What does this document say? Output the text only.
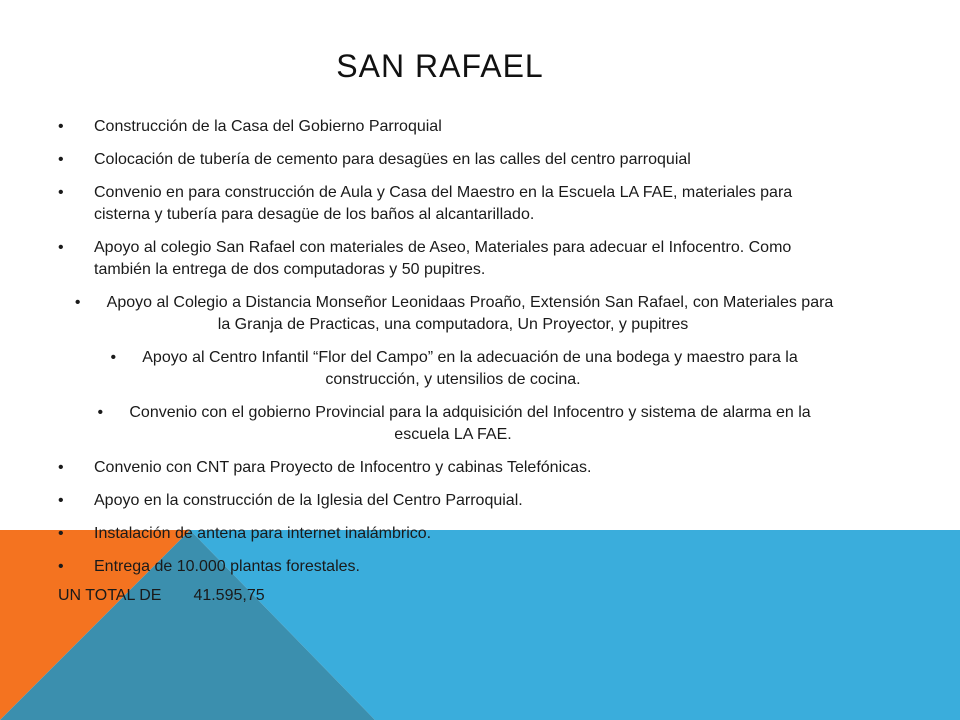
SAN RAFAEL
• Construcción de la Casa del Gobierno Parroquial
• Colocación de tubería de cemento para desagües en las calles del centro parroquial
• Convenio en para construcción de Aula y Casa del Maestro en la Escuela LA FAE, materiales para cisterna y tubería para desagüe de los baños al alcantarillado.
• Apoyo al colegio San Rafael con materiales de Aseo, Materiales para adecuar el Infocentro. Como también la entrega de dos computadoras y 50 pupitres.
• Apoyo al Colegio a Distancia Monseñor Leonidaas Proaño, Extensión San Rafael, con Materiales para la Granja de Practicas, una computadora, Un Proyector, y pupitres
• Apoyo al Centro Infantil “Flor del Campo” en la adecuación de una bodega y maestro para la construcción, y utensilios de cocina.
• Convenio con el gobierno Provincial para la adquisición del Infocentro y sistema de alarma en la escuela LA FAE.
• Convenio con CNT para Proyecto de Infocentro y cabinas Telefónicas.
• Apoyo en la construcción de la Iglesia del Centro Parroquial.
• Instalación de antena para internet inalámbrico.
• Entrega de 10.000 plantas forestales.
UN TOTAL DE 41.595,75
